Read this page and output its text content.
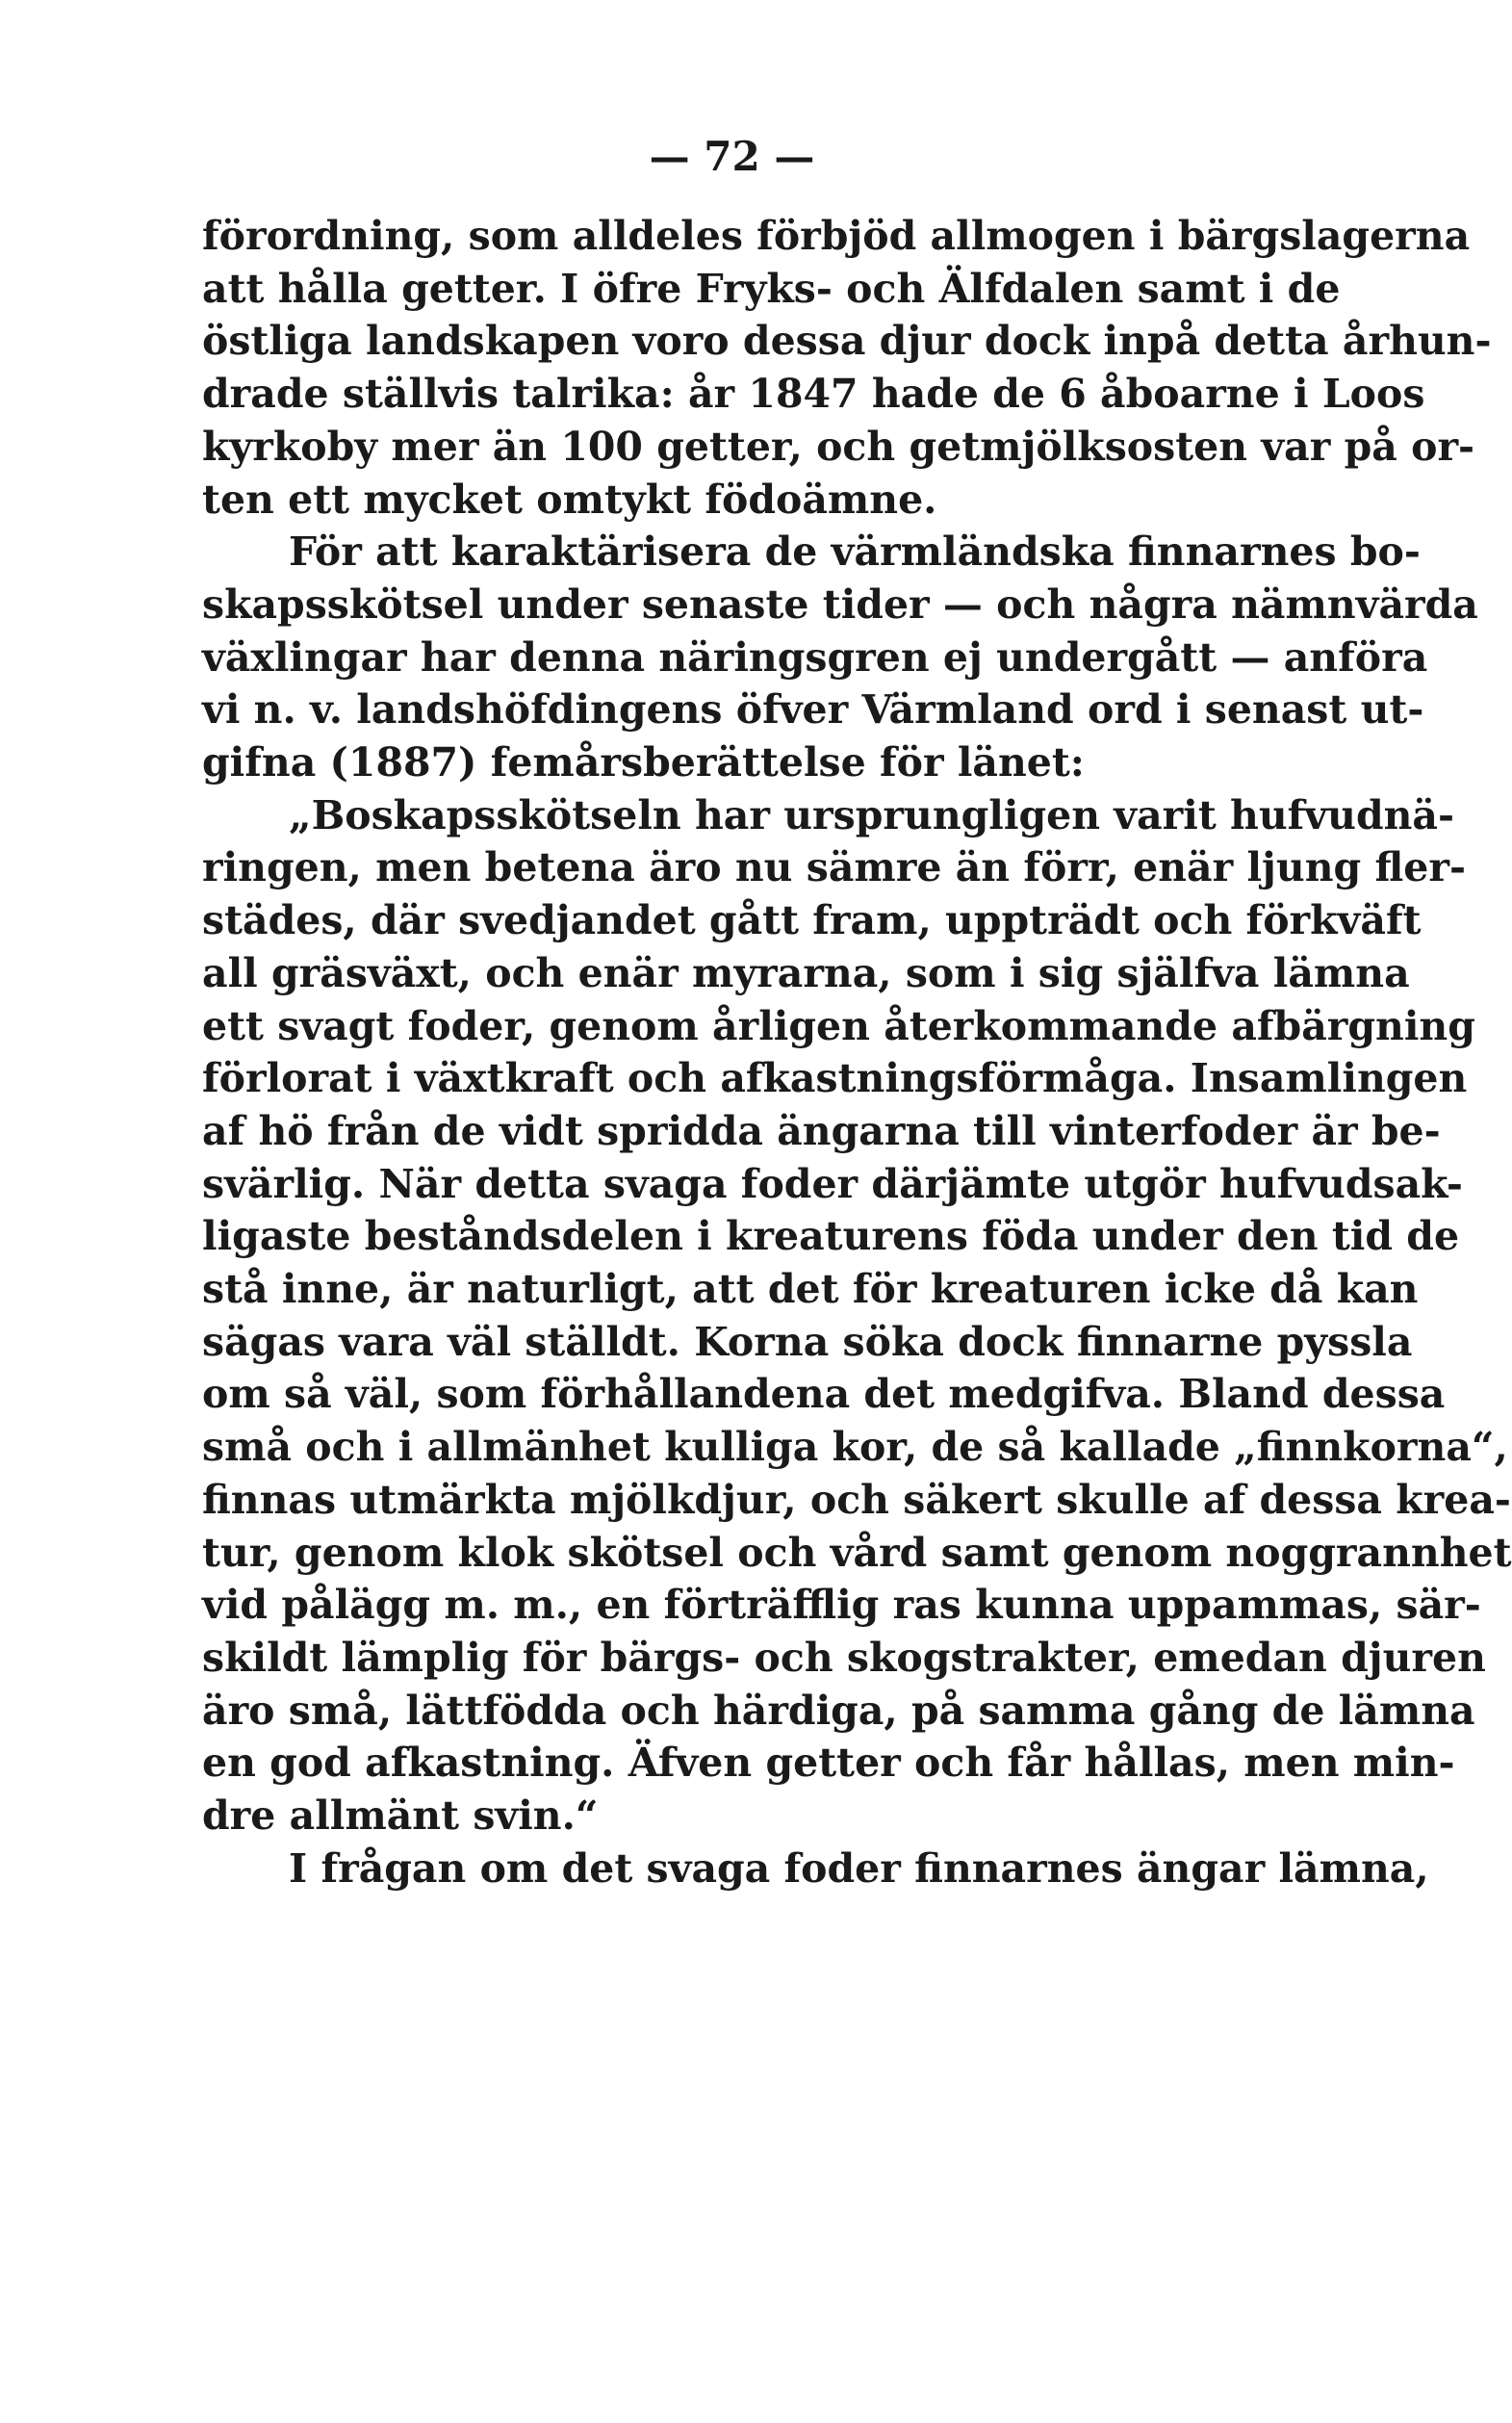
— 72 —
förordning, som alldeles förbjöd allmogen i bärgslagerna
att hålla getter. I öfre Fryks- och Älfdalen samt i de
östliga landskapen voro dessa djur dock inpå detta århun-
drade ställvis talrika: år 1847 hade de 6 åboarne i Loos
kyrkoby mer än 100 getter, och getmjölksosten var på or-
ten ett mycket omtykt födoämne.
För att karaktärisera de värmländska finnarnes bo-
skapsskötsel under senaste tider — och några nämnvärda
växlingar har denna näringsgren ej undergått — anföra
vi n. v. landshöfdingens öfver Värmland ord i senast ut-
gifna (1887) femårsberättelse för länet:
„Boskapsskötseln har ursprungligen varit hufvudnä-
ringen, men betena äro nu sämre än förr, enär ljung fler-
städes, där svedjandet gått fram, uppträdt och förkväft
all gräsväxt, och enär myrarna, som i sig själfva lämna
ett svagt foder, genom årligen återkommande afbärgning
förlorat i växtkraft och afkastningsförmåga. Insamlingen
af hö från de vidt spridda ängarna till vinterfoder är be-
svärlig. När detta svaga foder därjämte utgör hufvudsak-
ligaste beståndsdelen i kreaturens föda under den tid de
stå inne, är naturligt, att det för kreaturen icke då kan
sägas vara väl ställdt. Korna söka dock finnarne pyssla
om så väl, som förhållandena det medgifva. Bland dessa
små och i allmänhet kulliga kor, de så kallade „finnkorna“,
finnas utmärkta mjölkdjur, och säkert skulle af dessa krea-
tur, genom klok skötsel och vård samt genom noggrannhet
vid pålägg m. m., en förträfflig ras kunna uppammas, sär-
skildt lämplig för bärgs- och skogstrakter, emedan djuren
äro små, lättfödda och härdiga, på samma gång de lämna
en god afkastning. Äfven getter och får hållas, men min-
dre allmänt svin.“
I frågan om det svaga foder finnarnes ängar lämna,
